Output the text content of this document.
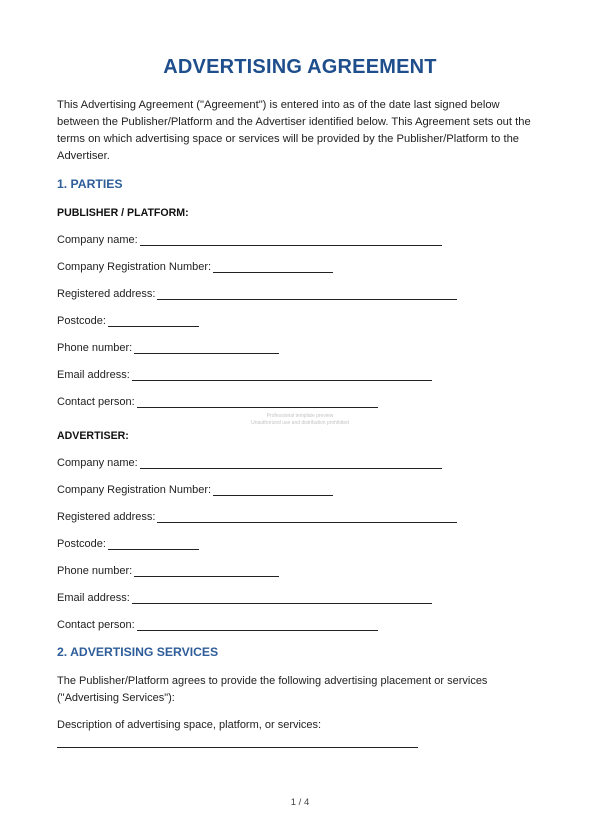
ADVERTISING AGREEMENT
This Advertising Agreement ("Agreement") is entered into as of the date last signed below between the Publisher/Platform and the Advertiser identified below. This Agreement sets out the terms on which advertising space or services will be provided by the Publisher/Platform to the Advertiser.
1. PARTIES
PUBLISHER / PLATFORM:
Company name:
Company Registration Number:
Registered address:
Postcode:
Phone number:
Email address:
Contact person:
Professional template preview
Unauthorized use and distribution prohibited
ADVERTISER:
Company name:
Company Registration Number:
Registered address:
Postcode:
Phone number:
Email address:
Contact person:
2. ADVERTISING SERVICES
The Publisher/Platform agrees to provide the following advertising placement or services ("Advertising Services"):
Description of advertising space, platform, or services:
1 / 4
